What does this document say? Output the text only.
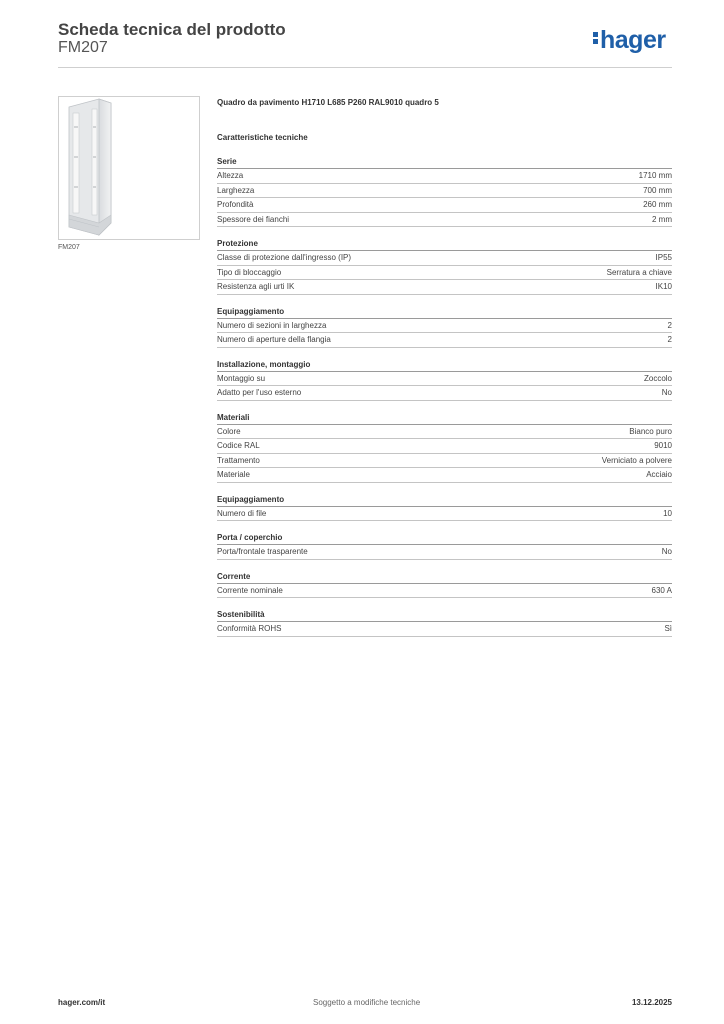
Scheda tecnica del prodotto
FM207	hager
FM207
Quadro da pavimento H1710 L685 P260 RAL9010 quadro 5
Caratteristiche tecniche
Serie
Altezza	1710 mm
Larghezza	700 mm
Profondità	260 mm
Spessore dei fianchi	2 mm
Protezione
Classe di protezione dall'ingresso (IP)	IP55
Tipo di bloccaggio	Serratura a chiave
Resistenza agli urti IK	IK10
Equipaggiamento
Numero di sezioni in larghezza	2
Numero di aperture della flangia	2
Installazione, montaggio
Montaggio su	Zoccolo
Adatto per l'uso esterno	No
Materiali
Colore	Bianco puro
Codice RAL	9010
Trattamento	Verniciato a polvere
Materiale	Acciaio
Equipaggiamento
Numero di file	10
Porta / coperchio
Porta/frontale trasparente	No
Corrente
Corrente nominale	630 A
Sostenibilità
Conformità ROHS	Sì
hager.com/it	Soggetto a modifiche tecniche	13.12.2025
